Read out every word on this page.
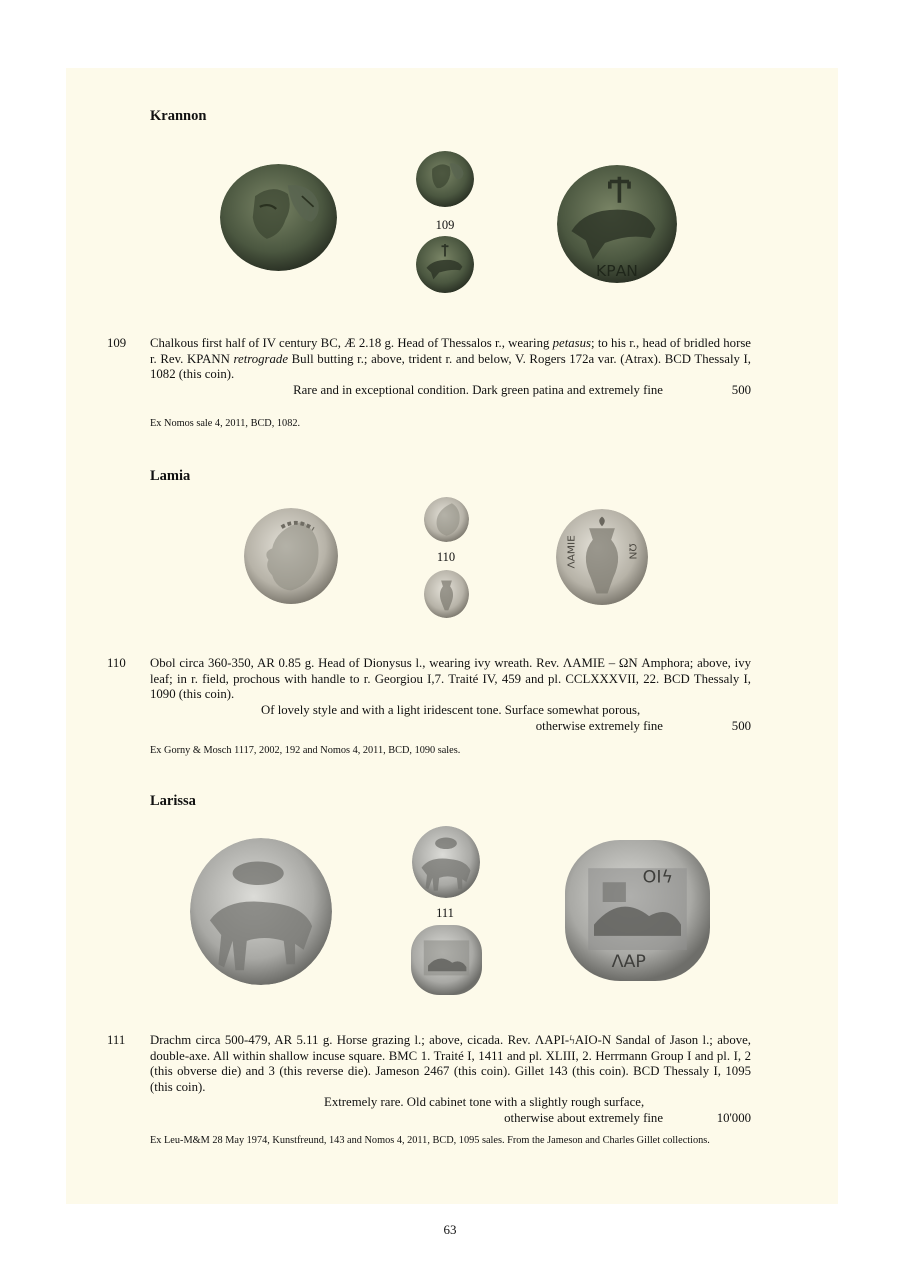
Krannon
109
ΚΡΑΝ
109 Chalkous first half of IV century BC, Æ 2.18 g. Head of Thessalos r., wearing petasus; to his r., head of bridled horse r. Rev. ΚΡΑΝΝ retrograde Bull butting r.; above, trident r. and below, V. Rogers 172a var. (Atrax). BCD Thessaly I, 1082 (this coin).
Rare and in exceptional condition. Dark green patina and extremely fine	500
Ex Nomos sale 4, 2011, BCD, 1082.
Lamia
110	ΛΑΜΙΕ	ΩΝ
110 Obol circa 360-350, AR 0.85 g. Head of Dionysus l., wearing ivy wreath. Rev. ΛΑΜΙΕ – ΩΝ Amphora; above, ivy leaf; in r. field, prochous with handle to r. Georgiou I,7. Traité IV, 459 and pl. CCLXXXVII, 22. BCD Thessaly I, 1090 (this coin).
Of lovely style and with a light iridescent tone. Surface somewhat porous,
otherwise extremely fine	500
Ex Gorny & Mosch 1117, 2002, 192 and Nomos 4, 2011, BCD, 1090 sales.
Larissa
111
ΟΙϟ
ΛΑΡ
111 Drachm circa 500-479, AR 5.11 g. Horse grazing l.; above, cicada. Rev. ΛΑΡΙ-ϟΑΙΟ-Ν Sandal of Jason l.; above, double-axe. All within shallow incuse square. BMC 1. Traité I, 1411 and pl. XLIII, 2. Herrmann Group I and pl. I, 2 (this obverse die) and 3 (this reverse die). Jameson 2467 (this coin). Gillet 143 (this coin). BCD Thessaly I, 1095 (this coin).
Extremely rare. Old cabinet tone with a slightly rough surface,
otherwise about extremely fine	10'000
Ex Leu-M&M 28 May 1974, Kunstfreund, 143 and Nomos 4, 2011, BCD, 1095 sales. From the Jameson and Charles Gillet collections.
63
